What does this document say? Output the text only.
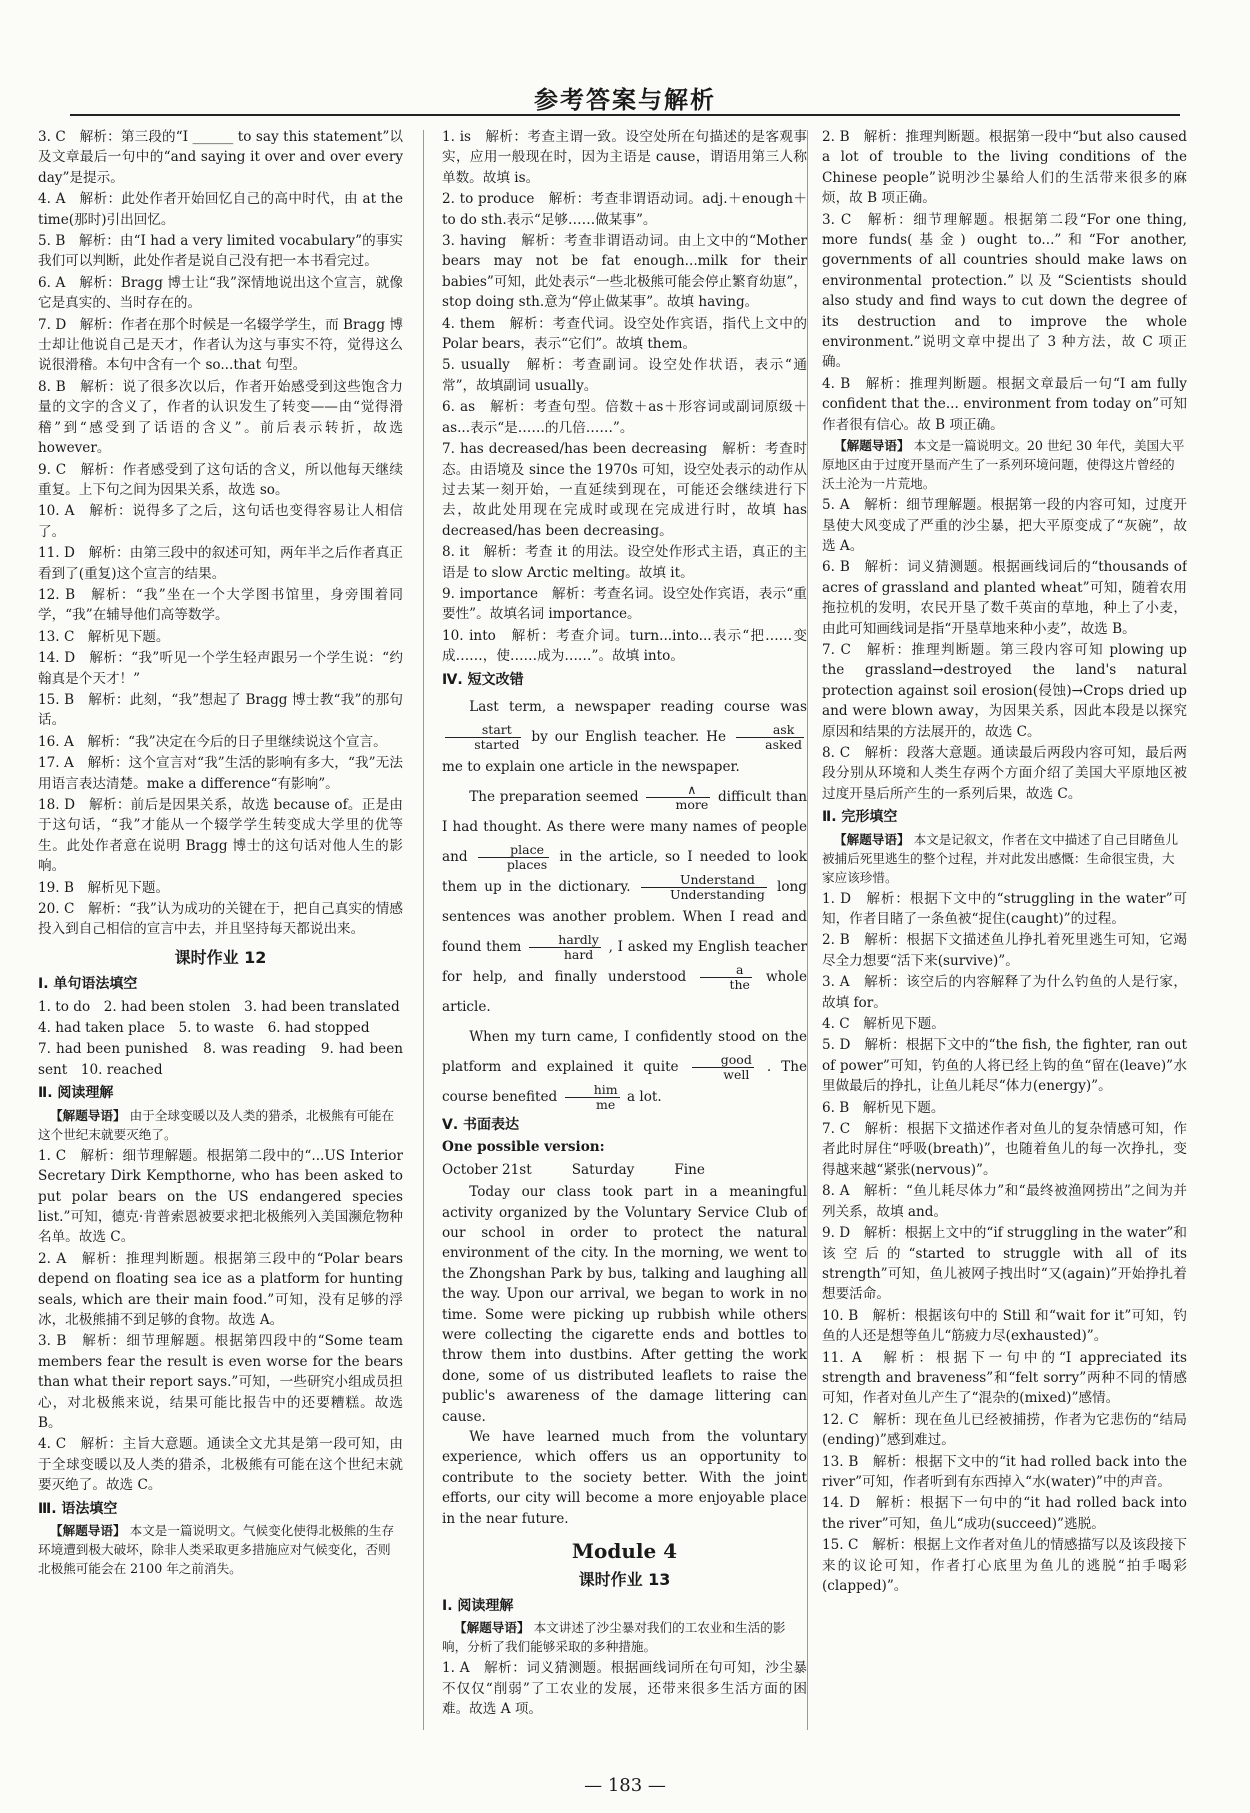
参考答案与解析

3. C　解析：第三段的“I ______ to say this statement”以及文章最后一句中的“and saying it over and over every day”是提示。

4. A　解析：此处作者开始回忆自己的高中时代，由 at the time(那时)引出回忆。

5. B　解析：由“I had a very limited vocabulary”的事实我们可以判断，此处作者是说自己没有把一本书看完过。

6. A　解析：Bragg 博士让“我”深情地说出这个宣言，就像它是真实的、当时存在的。

7. D　解析：作者在那个时候是一名辍学学生，而 Bragg 博士却让他说自己是天才，作者认为这与事实不符，觉得这么说很滑稽。本句中含有一个 so...that 句型。

8. B　解析：说了很多次以后，作者开始感受到这些饱含力量的文字的含义了，作者的认识发生了转变——由“觉得滑稽”到“感受到了话语的含义”。前后表示转折，故选 however。

9. C　解析：作者感受到了这句话的含义，所以他每天继续重复。上下句之间为因果关系，故选 so。

10. A　解析：说得多了之后，这句话也变得容易让人相信了。

11. D　解析：由第三段中的叙述可知，两年半之后作者真正看到了(重复)这个宣言的结果。

12. B　解析：“我”坐在一个大学图书馆里，身旁围着同学，“我”在辅导他们高等数学。

13. C　解析见下题。

14. D　解析：“我”听见一个学生轻声跟另一个学生说：“约翰真是个天才！”

15. B　解析：此刻，“我”想起了 Bragg 博士教“我”的那句话。

16. A　解析：“我”决定在今后的日子里继续说这个宣言。

17. A　解析：这个宣言对“我”生活的影响有多大，“我”无法用语言表达清楚。make a difference“有影响”。

18. D　解析：前后是因果关系，故选 because of。正是由于这句话，“我”才能从一个辍学学生转变成大学里的优等生。此处作者意在说明 Bragg 博士的这句话对他人生的影响。

19. B　解析见下题。

20. C　解析：“我”认为成功的关键在于，把自己真实的情感投入到自己相信的宣言中去，并且坚持每天都说出来。

课时作业 12
Ⅰ. 单句语法填空

1. to do　2. had been stolen　3. had been translated

4. had taken place　5. to waste　6. had stopped

7. had been punished　8. was reading　9. had been sent　10. reached

Ⅱ. 阅读理解

【解题导语】 由于全球变暖以及人类的猎杀，北极熊有可能在这个世纪末就要灭绝了。

1. C　解析：细节理解题。根据第二段中的“...US Interior Secretary Dirk Kempthorne, who has been asked to put polar bears on the US endangered species list.”可知，德克·肯普索恩被要求把北极熊列入美国濒危物种名单。故选 C。

2. A　解析：推理判断题。根据第三段中的“Polar bears depend on floating sea ice as a platform for hunting seals, which are their main food.”可知，没有足够的浮冰，北极熊捕不到足够的食物。故选 A。

3. B　解析：细节理解题。根据第四段中的“Some team members fear the result is even worse for the bears than what their report says.”可知，一些研究小组成员担心，对北极熊来说，结果可能比报告中的还要糟糕。故选 B。

4. C　解析：主旨大意题。通读全文尤其是第一段可知，由于全球变暖以及人类的猎杀，北极熊有可能在这个世纪末就要灭绝了。故选 C。

Ⅲ. 语法填空

【解题导语】 本文是一篇说明文。气候变化使得北极熊的生存环境遭到极大破坏，除非人类采取更多措施应对气候变化，否则北极熊可能会在 2100 年之前消失。

1. is　解析：考查主谓一致。设空处所在句描述的是客观事实，应用一般现在时，因为主语是 cause，谓语用第三人称单数。故填 is。

2. to produce　解析：考查非谓语动词。adj.＋enough＋to do sth.表示“足够……做某事”。

3. having　解析：考查非谓语动词。由上文中的“Mother bears may not be fat enough...milk for their babies”可知，此处表示“一些北极熊可能会停止繁育幼崽”，stop doing sth.意为“停止做某事”。故填 having。

4. them　解析：考查代词。设空处作宾语，指代上文中的 Polar bears，表示“它们”。故填 them。

5. usually　解析：考查副词。设空处作状语，表示“通常”，故填副词 usually。

6. as　解析：考查句型。倍数＋as＋形容词或副词原级＋as...表示“是……的几倍……”。

7. has decreased/has been decreasing　解析：考查时态。由语境及 since the 1970s 可知，设空处表示的动作从过去某一刻开始，一直延续到现在，可能还会继续进行下去，故此处用现在完成时或现在完成进行时，故填 has decreased/has been decreasing。

8. it　解析：考查 it 的用法。设空处作形式主语，真正的主语是 to slow Arctic melting。故填 it。

9. importance　解析：考查名词。设空处作宾语，表示“重要性”。故填名词 importance。

10. into　解析：考查介词。turn...into...表示“把……变成……，使……成为……”。故填 into。

Ⅳ. 短文改错

Last term, a newspaper reading course was
$\frac{\text{start}}{\text{started}}$ by our English teacher. He $\frac{\text{ask}}{\text{asked}}$
me to explain one article in the newspaper.

The preparation seemed $\frac{\wedge}{\text{more}}$ difficult than I had thought. As there were many names of people and $\frac{\text{place}}{\text{places}}$ in the article, so I needed to look them up in the dictionary. $\frac{\text{Understand}}{\text{Understanding}}$ long sentences was another problem. When I read and found them $\frac{\text{hardly}}{\text{hard}}$ , I asked my English teacher for help, and finally understood $\frac{a}{\text{the}}$ whole article.

When my turn came, I confidently stood on the platform and explained it quite $\frac{\text{good}}{\text{well}}$ . The course benefited $\frac{\text{him}}{me}$ a lot.

Ⅴ. 书面表达
One possible version:
October 21st	Saturday	Fine

Today our class took part in a meaningful activity organized by the Voluntary Service Club of our school in order to protect the natural environment of the city. In the morning, we went to the Zhongshan Park by bus, talking and laughing all the way. Upon our arrival, we began to work in no time. Some were picking up rubbish while others were collecting the cigarette ends and bottles to throw them into dustbins. After getting the work done, some of us distributed leaflets to raise the public's awareness of the damage littering can cause.

We have learned much from the voluntary experience, which offers us an opportunity to contribute to the society better. With the joint efforts, our city will become a more enjoyable place in the near future.

Module 4
课时作业 13
Ⅰ. 阅读理解

【解题导语】 本文讲述了沙尘暴对我们的工农业和生活的影响，分析了我们能够采取的多种措施。

1. A　解析：词义猜测题。根据画线词所在句可知，沙尘暴不仅仅“削弱”了工农业的发展，还带来很多生活方面的困难。故选 A 项。

2. B　解析：推理判断题。根据第一段中“but also caused a lot of trouble to the living conditions of the Chinese people”说明沙尘暴给人们的生活带来很多的麻烦，故 B 项正确。

3. C　解析：细节理解题。根据第二段“For one thing, more funds(基金) ought to...”和“For another, governments of all countries should make laws on environmental protection.”以及“Scientists should also study and find ways to cut down the degree of its destruction and to improve the whole environment.”说明文章中提出了 3 种方法，故 C 项正确。

4. B　解析：推理判断题。根据文章最后一句“I am fully confident that the... environment from today on”可知作者很有信心。故 B 项正确。

【解题导语】 本文是一篇说明文。20 世纪 30 年代，美国大平原地区由于过度开垦而产生了一系列环境问题，使得这片曾经的沃土沦为一片荒地。

5. A　解析：细节理解题。根据第一段的内容可知，过度开垦使大风变成了严重的沙尘暴，把大平原变成了“灰碗”，故选 A。

6. B　解析：词义猜测题。根据画线词后的“thousands of acres of grassland and planted wheat”可知，随着农用拖拉机的发明，农民开垦了数千英亩的草地，种上了小麦，由此可知画线词是指“开垦草地来种小麦”，故选 B。

7. C　解析：推理判断题。第三段内容可知 plowing up the grassland→destroyed the land's natural protection against soil erosion(侵蚀)→Crops dried up and were blown away，为因果关系，因此本段是以探究原因和结果的方法展开的，故选 C。

8. C　解析：段落大意题。通读最后两段内容可知，最后两段分别从环境和人类生存两个方面介绍了美国大平原地区被过度开垦后所产生的一系列后果，故选 C。

Ⅱ. 完形填空

【解题导语】 本文是记叙文，作者在文中描述了自己目睹鱼儿被捕后死里逃生的整个过程，并对此发出感慨：生命很宝贵，大家应该珍惜。

1. D　解析：根据下文中的“struggling in the water”可知，作者目睹了一条鱼被“捉住(caught)”的过程。

2. B　解析：根据下文描述鱼儿挣扎着死里逃生可知，它竭尽全力想要“活下来(survive)”。

3. A　解析：该空后的内容解释了为什么钓鱼的人是行家，故填 for。

4. C　解析见下题。

5. D　解析：根据下文中的“the fish, the fighter, ran out of power”可知，钓鱼的人将已经上钩的鱼“留在(leave)”水里做最后的挣扎，让鱼儿耗尽“体力(energy)”。

6. B　解析见下题。

7. C　解析：根据下文描述作者对鱼儿的复杂情感可知，作者此时屏住“呼吸(breath)”，也随着鱼儿的每一次挣扎，变得越来越“紧张(nervous)”。

8. A　解析：“鱼儿耗尽体力”和“最终被渔网捞出”之间为并列关系，故填 and。

9. D　解析：根据上文中的“if struggling in the water”和该空后的“started to struggle with all of its strength”可知，鱼儿被网子拽出时“又(again)”开始挣扎着想要活命。

10. B　解析：根据该句中的 Still 和“wait for it”可知，钓鱼的人还是想等鱼儿“筋疲力尽(exhausted)”。

11. A　解析：根据下一句中的“I appreciated its strength and braveness”和“felt sorry”两种不同的情感可知，作者对鱼儿产生了“混杂的(mixed)”感情。

12. C　解析：现在鱼儿已经被捕捞，作者为它悲伤的“结局(ending)”感到难过。

13. B　解析：根据下文中的“it had rolled back into the river”可知，作者听到有东西掉入“水(water)”中的声音。

14. D　解析：根据下一句中的“it had rolled back into the river”可知，鱼儿“成功(succeed)”逃脱。

15. C　解析：根据上文作者对鱼儿的情感描写以及该段接下来的议论可知，作者打心底里为鱼儿的逃脱“拍手喝彩(clapped)”。

— 183 —
